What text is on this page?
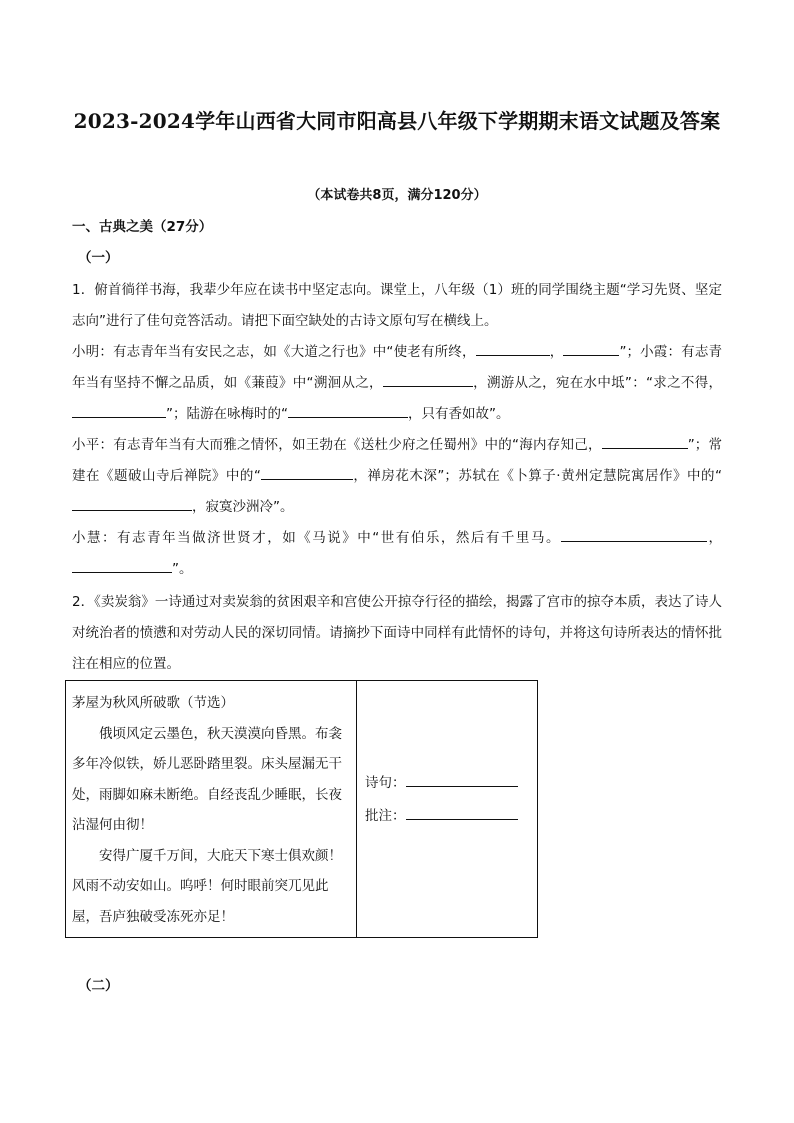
2023-2024学年山西省大同市阳高县八年级下学期期末语文试题及答案
（本试卷共8页，满分120分）
一、古典之美（27分）
（一）

1．俯首徜徉书海，我辈少年应在读书中坚定志向。课堂上，八年级（1）班的同学围绕主题“学习先贤、坚定志向”进行了佳句竞答活动。请把下面空缺处的古诗文原句写在横线上。

小明：有志青年当有安民之志，如《大道之行也》中“使老有所终，	，	”；小霞：有志青年当有坚持不懈之品质，如《蒹葭》中“溯洄从之，	，溯游从之，宛在水中坻”：“求之不得，”；陆游在咏梅时的“	，只有香如故”。

小平：有志青年当有大而雅之情怀，如王勃在《送杜少府之任蜀州》中的“海内存知己，	”；常建在《题破山寺后禅院》中的“	，禅房花木深”；苏轼在《卜算子·黄州定慧院寓居作》中的“，寂寞沙洲冷”。

小慧：有志青年当做济世贤才，如《马说》中“世有伯乐，然后有千里马。	，”。

2．《卖炭翁》一诗通过对卖炭翁的贫困艰辛和宫使公开掠夺行径的描绘，揭露了宫市的掠夺本质，表达了诗人对统治者的愤懑和对劳动人民的深切同情。请摘抄下面诗中同样有此情怀的诗句，并将这句诗所表达的情怀批注在相应的位置。

茅屋为秋风所破歌（节选）

俄顷风定云墨色，秋天漠漠向昏黑。布衾多年冷似铁，娇儿恶卧踏里裂。床头屋漏无干处，雨脚如麻未断绝。自经丧乱少睡眠，长夜沾湿何由彻！

安得广厦千万间，大庇天下寒士俱欢颜！风雨不动安如山。呜呼！何时眼前突兀见此屋，吾庐独破受冻死亦足！

诗句：
批注：
（二）
